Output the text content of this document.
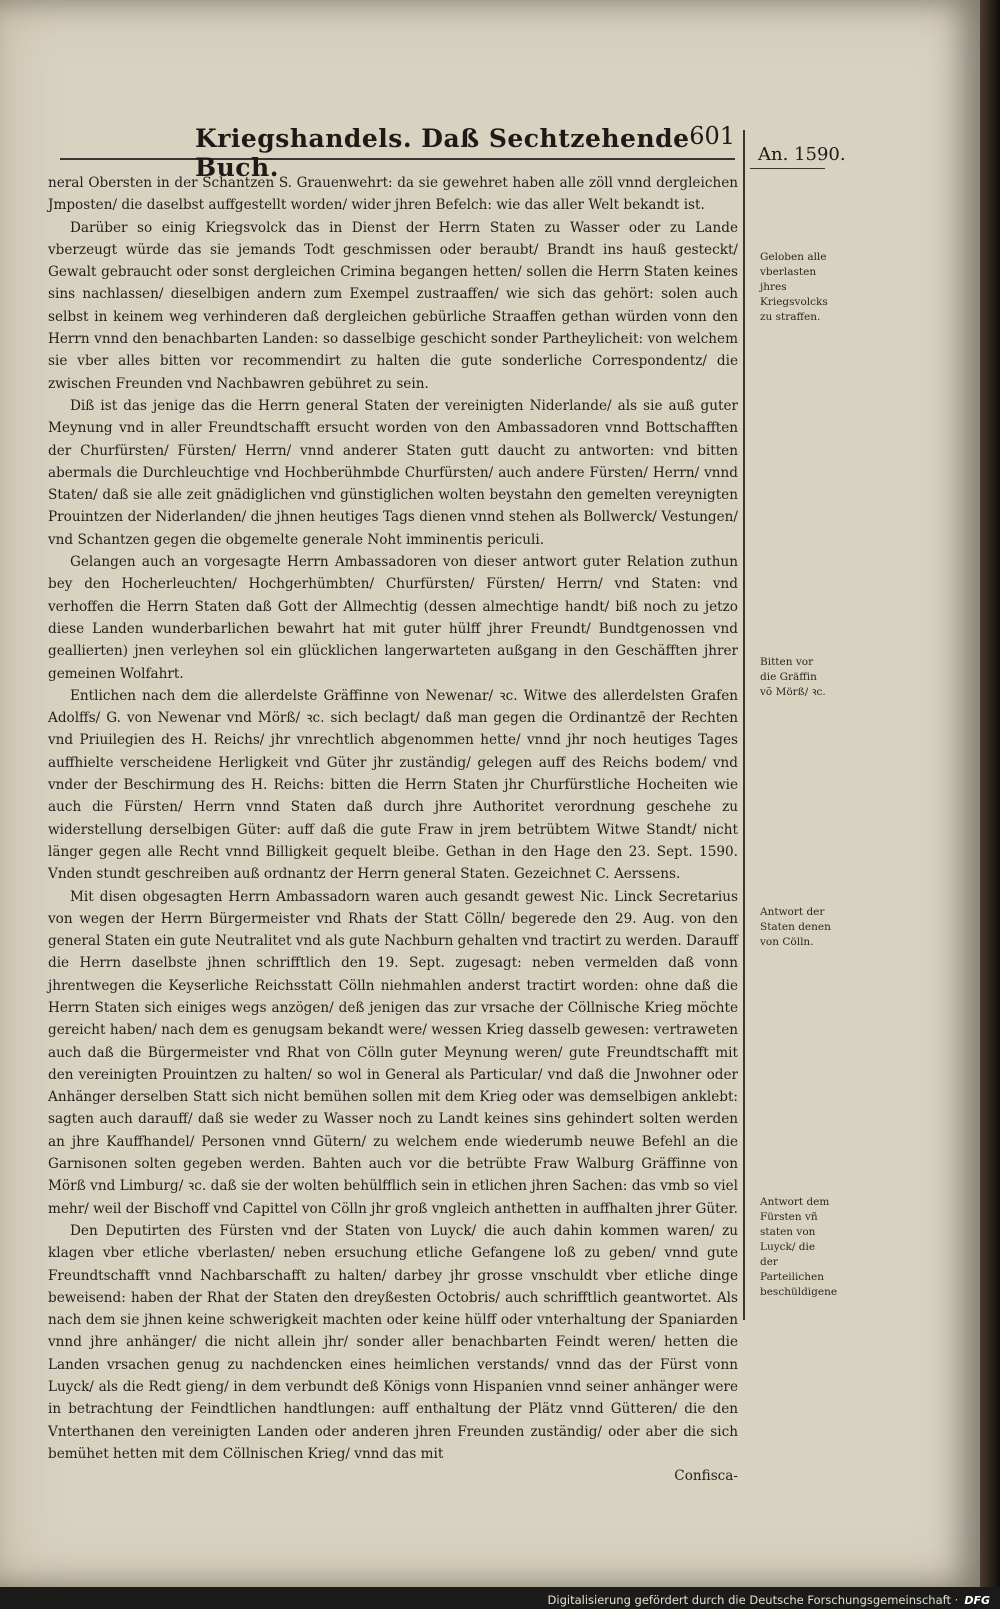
Kriegshandels. Daß Sechtzehende Buch.
601
An. 1590.

neral Obersten in der Schantzen S. Grauenwehrt: da sie gewehret haben alle zöll vnnd dergleichen Jmposten/ die daselbst auffgestellt worden/ wider jhren Befelch: wie das aller Welt bekandt ist.

Darüber so einig Kriegsvolck das in Dienst der Herrn Staten zu Wasser oder zu Lande vberzeugt würde das sie jemands Todt geschmissen oder beraubt/ Brandt ins hauß gesteckt/ Gewalt gebraucht oder sonst dergleichen Crimina begangen hetten/ sollen die Herrn Staten keines sins nachlassen/ dieselbigen andern zum Exempel zustraaffen/ wie sich das gehört: solen auch selbst in keinem weg verhinderen daß dergleichen gebürliche Straaffen gethan würden vonn den Herrn vnnd den benachbarten Landen: so dasselbige geschicht sonder Partheylicheit: von welchem sie vber alles bitten vor recommendirt zu halten die gute sonderliche Correspondentz/ die zwischen Freunden vnd Nachbawren gebühret zu sein.

Diß ist das jenige das die Herrn general Staten der vereinigten Niderlande/ als sie auß guter Meynung vnd in aller Freundtschafft ersucht worden von den Ambassadoren vnnd Bottschafften der Churfürsten/ Fürsten/ Herrn/ vnnd anderer Staten gutt daucht zu antworten: vnd bitten abermals die Durchleuchtige vnd Hochberühmbde Churfürsten/ auch andere Fürsten/ Herrn/ vnnd Staten/ daß sie alle zeit gnädiglichen vnd günstiglichen wolten beystahn den gemelten vereynigten Prouintzen der Niderlanden/ die jhnen heutiges Tags dienen vnnd stehen als Bollwerck/ Vestungen/ vnd Schantzen gegen die obgemelte generale Noht imminentis periculi.

Gelangen auch an vorgesagte Herrn Ambassadoren von dieser antwort guter Relation zuthun bey den Hocherleuchten/ Hochgerhümbten/ Churfürsten/ Fürsten/ Herrn/ vnd Staten: vnd verhoffen die Herrn Staten daß Gott der Allmechtig (dessen almechtige handt/ biß noch zu jetzo diese Landen wunderbarlichen bewahrt hat mit guter hülff jhrer Freundt/ Bundtgenossen vnd geallierten) jnen verleyhen sol ein glücklichen langerwarteten außgang in den Geschäfften jhrer gemeinen Wolfahrt.

Entlichen nach dem die allerdelste Gräffinne von Newenar/ ꝛc. Witwe des allerdelsten Grafen Adolffs/ G. von Newenar vnd Mörß/ ꝛc. sich beclagt/ daß man gegen die Ordinantzē der Rechten vnd Priuilegien des H. Reichs/ jhr vnrechtlich abgenommen hette/ vnnd jhr noch heutiges Tages auffhielte verscheidene Herligkeit vnd Güter jhr zuständig/ gelegen auff des Reichs bodem/ vnd vnder der Beschirmung des H. Reichs: bitten die Herrn Staten jhr Churfürstliche Hocheiten wie auch die Fürsten/ Herrn vnnd Staten daß durch jhre Authoritet verordnung geschehe zu widerstellung derselbigen Güter: auff daß die gute Fraw in jrem betrübtem Witwe Standt/ nicht länger gegen alle Recht vnnd Billigkeit gequelt bleibe. Gethan in den Hage den 23. Sept. 1590. Vnden stundt geschreiben auß ordnantz der Herrn general Staten. Gezeichnet C. Aerssens.

Mit disen obgesagten Herrn Ambassadorn waren auch gesandt gewest Nic. Linck Secretarius von wegen der Herrn Bürgermeister vnd Rhats der Statt Cölln/ begerede den 29. Aug. von den general Staten ein gute Neutralitet vnd als gute Nachburn gehalten vnd tractirt zu werden. Darauff die Herrn daselbste jhnen schrifftlich den 19. Sept. zugesagt: neben vermelden daß vonn jhrentwegen die Keyserliche Reichsstatt Cölln niehmahlen anderst tractirt worden: ohne daß die Herrn Staten sich einiges wegs anzögen/ deß jenigen das zur vrsache der Cöllnische Krieg möchte gereicht haben/ nach dem es genugsam bekandt were/ wessen Krieg dasselb gewesen: vertraweten auch daß die Bürgermeister vnd Rhat von Cölln guter Meynung weren/ gute Freundtschafft mit den vereinigten Prouintzen zu halten/ so wol in General als Particular/ vnd daß die Jnwohner oder Anhänger derselben Statt sich nicht bemühen sollen mit dem Krieg oder was demselbigen anklebt: sagten auch darauff/ daß sie weder zu Wasser noch zu Landt keines sins gehindert solten werden an jhre Kauffhandel/ Personen vnnd Gütern/ zu welchem ende wiederumb neuwe Befehl an die Garnisonen solten gegeben werden. Bahten auch vor die betrübte Fraw Walburg Gräffinne von Mörß vnd Limburg/ ꝛc. daß sie der wolten behülfflich sein in etlichen jhren Sachen: das vmb so viel mehr/ weil der Bischoff vnd Capittel von Cölln jhr groß vngleich anthetten in auffhalten jhrer Güter.

Den Deputirten des Fürsten vnd der Staten von Luyck/ die auch dahin kommen waren/ zu klagen vber etliche vberlasten/ neben ersuchung etliche Gefangene loß zu geben/ vnnd gute Freundtschafft vnnd Nachbarschafft zu halten/ darbey jhr grosse vnschuldt vber etliche dinge beweisend: haben der Rhat der Staten den dreyßesten Octobris/ auch schrifftlich geantwortet. Als nach dem sie jhnen keine schwerigkeit machten oder keine hülff oder vnterhaltung der Spaniarden vnnd jhre anhänger/ die nicht allein jhr/ sonder aller benachbarten Feindt weren/ hetten die Landen vrsachen genug zu nachdencken eines heimlichen verstands/ vnnd das der Fürst vonn Luyck/ als die Redt gieng/ in dem verbundt deß Königs vonn Hispanien vnnd seiner anhänger were in betrachtung der Feindtlichen handtlungen: auff enthaltung der Plätz vnnd Gütteren/ die den Vnterthanen den vereinigten Landen oder anderen jhren Freunden zuständig/ oder aber die sich bemühet hetten mit dem Cöllnischen Krieg/ vnnd das mit

Confisca-

Geloben alle vberlasten jhres Kriegsvolcks zu straffen.
Bitten vor die Gräffin võ Mörß/ ꝛc.
Antwort der Staten denen von Cölln.
Antwort dem Fürsten vñ staten von Luyck/ die der Parteilichen beschüldigene
Digitalisierung gefördert durch die Deutsche Forschungsgemeinschaft · DFG
